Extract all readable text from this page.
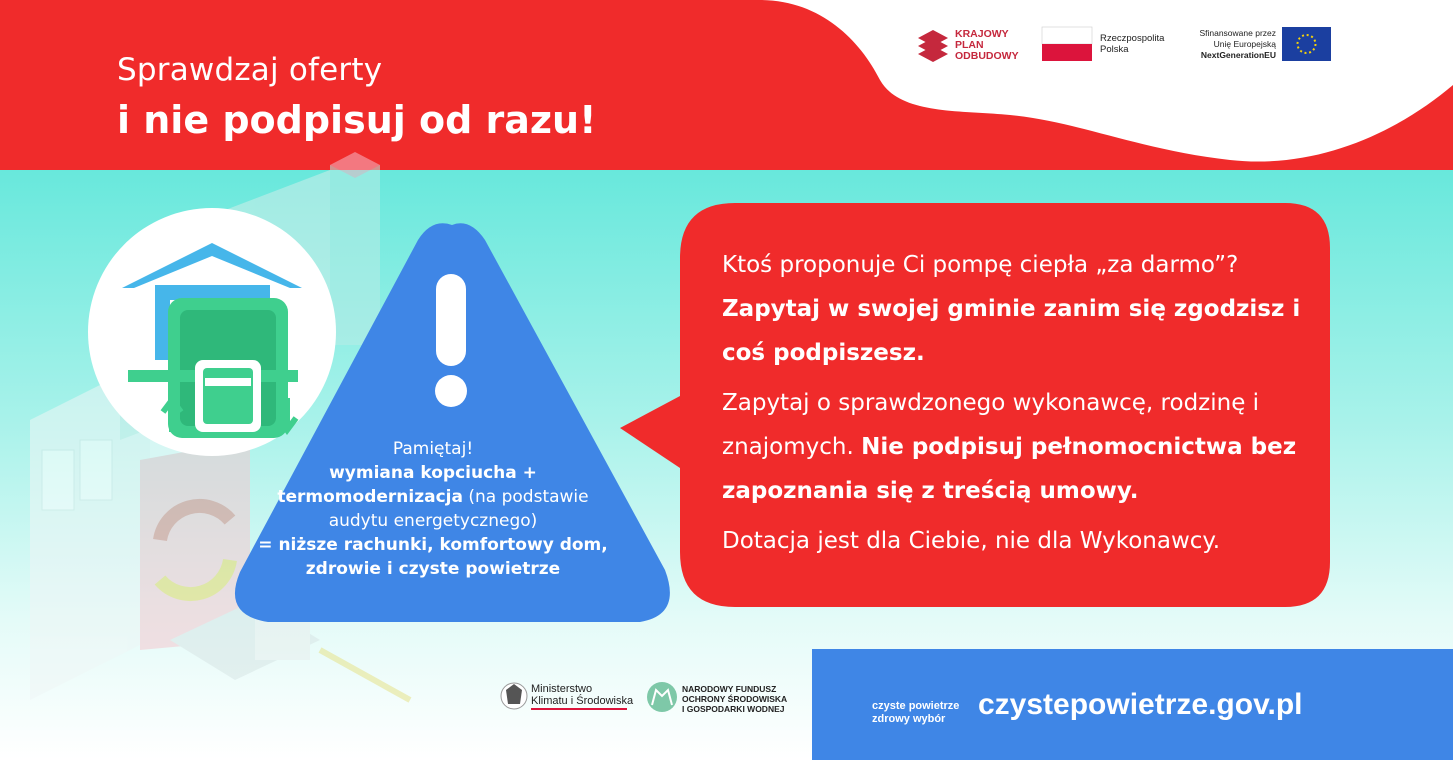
Sprawdzaj oferty
i nie podpisuj od razu!
KRAJOWY
PLAN
ODBUDOWY
Rzeczpospolita
Polska
Sfinansowane przez
Unię Europejską
NextGenerationEU
Pamiętaj!
wymiana kopciucha +
termomodernizacja (na podstawie audytu energetycznego)
= niższe rachunki, komfortowy dom, zdrowie i czyste powietrze

Ktoś proponuje Ci pompę ciepła „za darmo”?

Zapytaj w swojej gminie zanim się zgodzisz i coś podpiszesz.

Zapytaj o sprawdzonego wykonawcę, rodzinę i znajomych. Nie podpisuj pełnomocnictwa bez zapoznania się z treścią umowy.

Dotacja jest dla Ciebie, nie dla Wykonawcy.

Ministerstwo
Klimatu i Środowiska
NARODOWY FUNDUSZ
OCHRONY ŚRODOWISKA
I GOSPODARKI WODNEJ	czyste powietrze
zdrowy wybór	czystepowietrze.gov.pl
